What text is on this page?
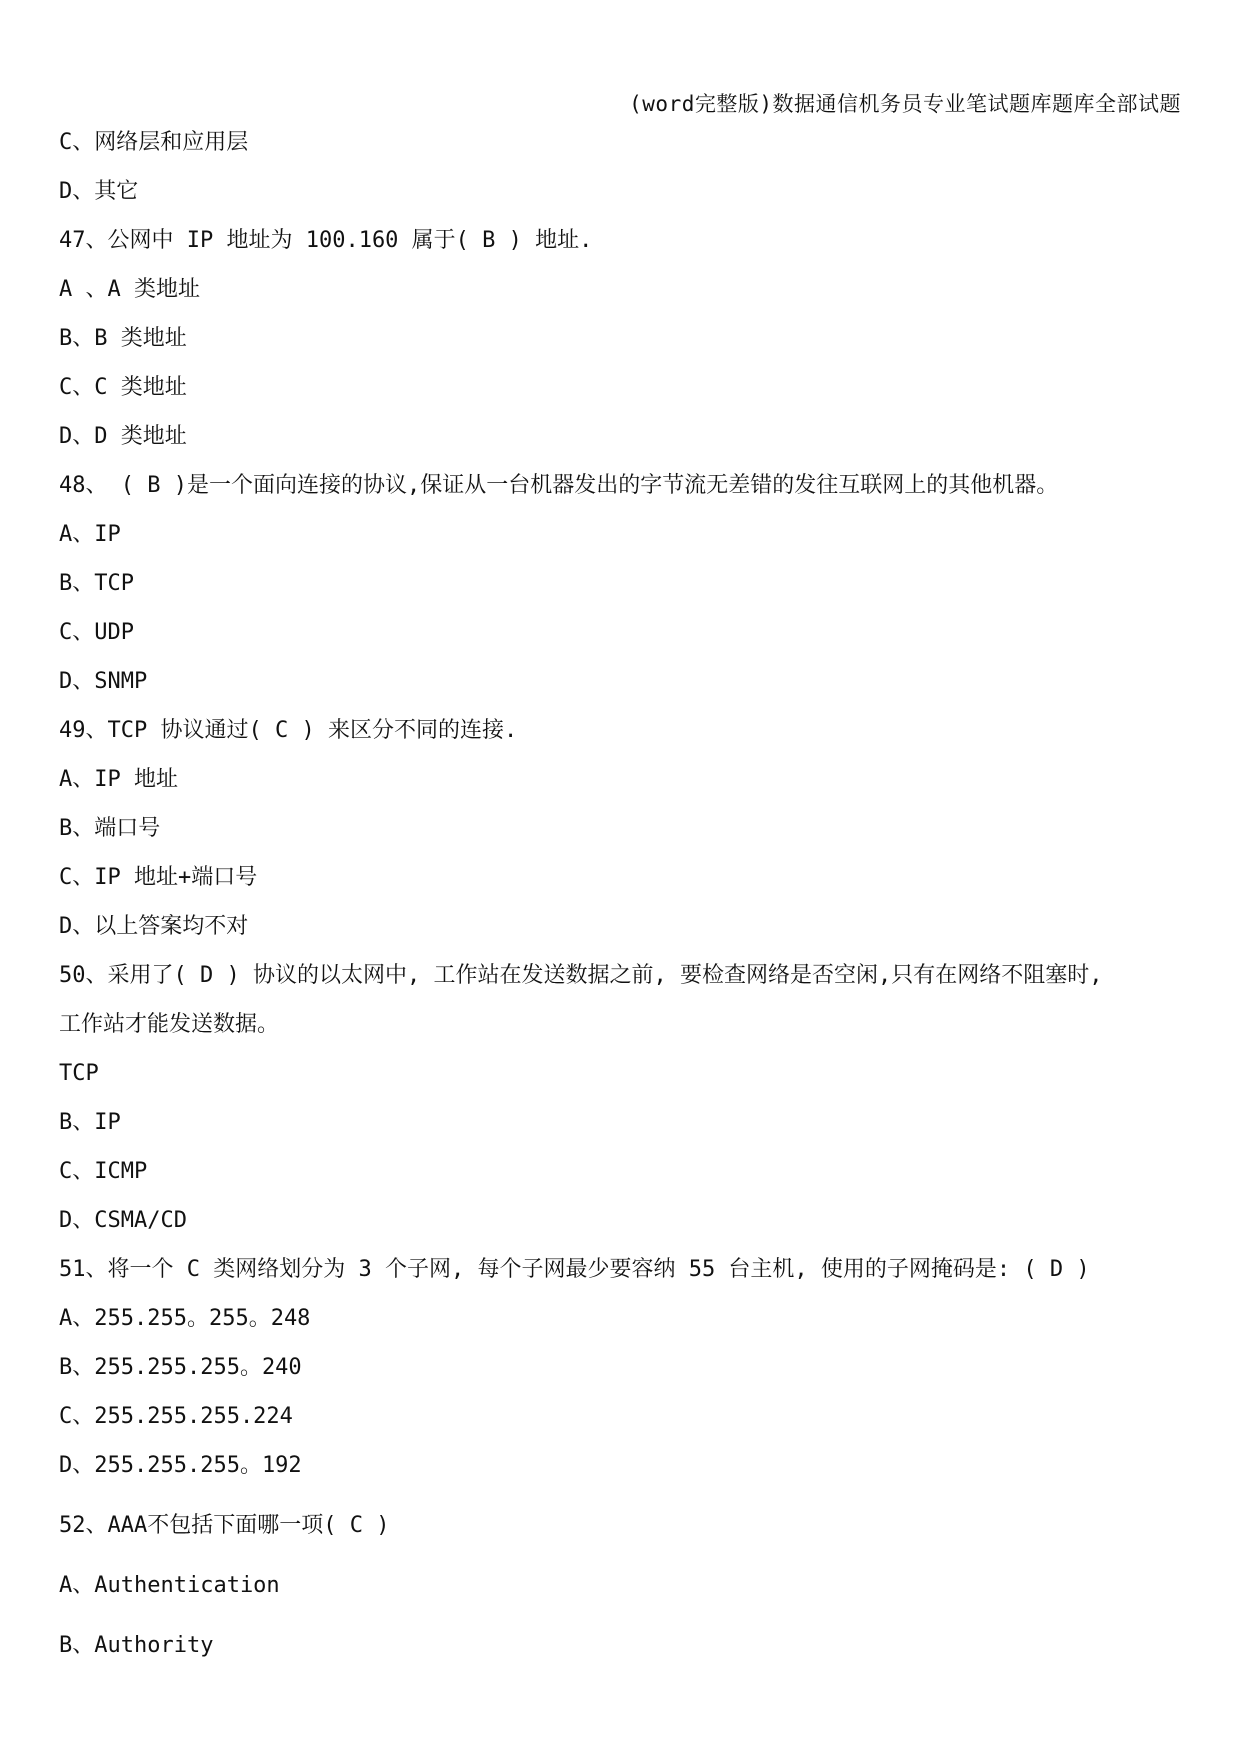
(word完整版)数据通信机务员专业笔试题库题库全部试题
C、网络层和应用层
D、其它
47、公网中 IP 地址为 100.160 属于( B ) 地址.
A 、A 类地址
B、B 类地址
C、C 类地址
D、D 类地址
48、 ( B )是一个面向连接的协议,保证从一台机器发出的字节流无差错的发往互联网上的其他机器。
A、IP
B、TCP
C、UDP
D、SNMP
49、TCP 协议通过( C ) 来区分不同的连接.
A、IP 地址
B、端口号
C、IP 地址+端口号
D、以上答案均不对
50、采用了( D ) 协议的以太网中, 工作站在发送数据之前, 要检查网络是否空闲,只有在网络不阻塞时,
工作站才能发送数据。
TCP
B、IP
C、ICMP
D、CSMA/CD
51、将一个 C 类网络划分为 3 个子网, 每个子网最少要容纳 55 台主机, 使用的子网掩码是: ( D )
A、255.255。255。248
B、255.255.255。240
C、255.255.255.224
D、255.255.255。192
52、AAA不包括下面哪一项( C )
A、Authentication
B、Authority
